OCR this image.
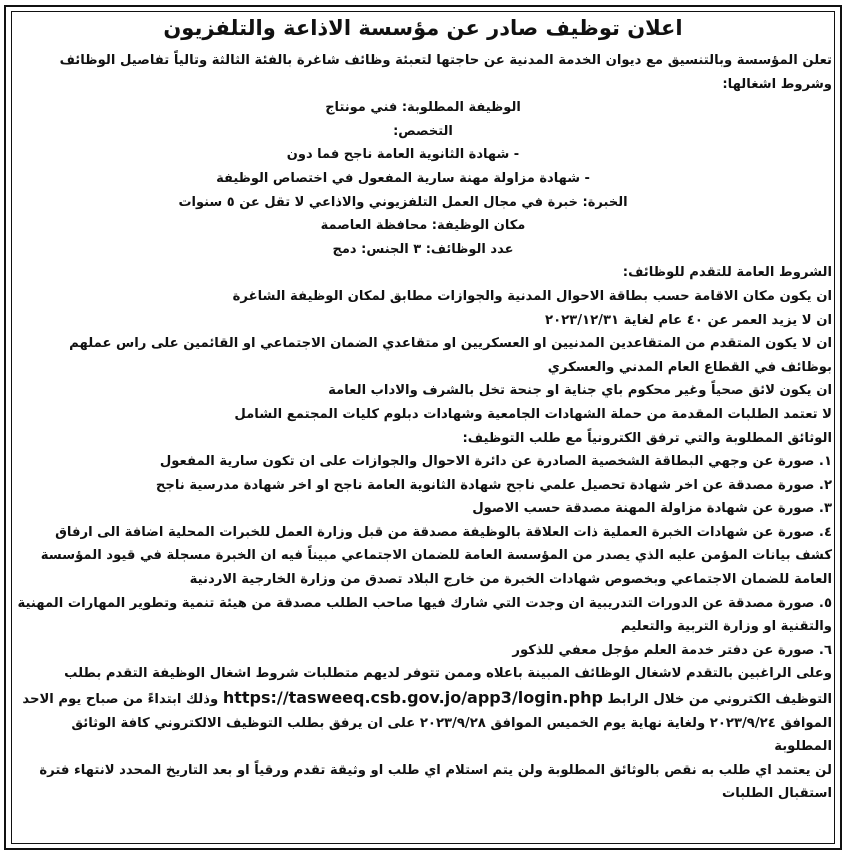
اعلان توظيف صادر عن مؤسسة الاذاعة والتلفزيون

تعلن المؤسسة وبالتنسيق مع ديوان الخدمة المدنية عن حاجتها لتعبئة وظائف شاغرة بالفئة الثالثة وتالياً تفاصيل الوظائف وشروط اشغالها:

الوظيفة المطلوبة: فني مونتاج

التخصص:

- شهادة الثانوية العامة ناجح فما دون

- شهادة مزاولة مهنة سارية المفعول في اختصاص الوظيفة

الخبرة: خبرة في مجال العمل التلفزيوني والاذاعي لا تقل عن ٥ سنوات

مكان الوظيفة: محافظة العاصمة

عدد الوظائف: ٣ الجنس: دمج

الشروط العامة للتقدم للوظائف:

ان يكون مكان الاقامة حسب بطاقة الاحوال المدنية والجوازات مطابق لمكان الوظيفة الشاغرة

ان لا يزيد العمر عن ٤٠ عام لغاية ٢٠٢٣/١٢/٣١

ان لا يكون المتقدم من المتقاعدين المدنيين او العسكريين او متقاعدي الضمان الاجتماعي او القائمين على راس عملهم بوظائف في القطاع العام المدني والعسكري

ان يكون لائق صحياً وغير محكوم باي جناية او جنحة تخل بالشرف والاداب العامة

لا تعتمد الطلبات المقدمة من حملة الشهادات الجامعية وشهادات دبلوم كليات المجتمع الشامل

الوثائق المطلوبة والتي ترفق الكترونياً مع طلب التوظيف:

١. صورة عن وجهي البطاقة الشخصية الصادرة عن دائرة الاحوال والجوازات على ان تكون سارية المفعول

٢. صورة مصدقة عن اخر شهادة تحصيل علمي ناجح شهادة الثانوية العامة ناجح او اخر شهادة مدرسية ناجح

٣. صورة عن شهادة مزاولة المهنة مصدقة حسب الاصول

٤. صورة عن شهادات الخبرة العملية ذات العلاقة بالوظيفة مصدقة من قبل وزارة العمل للخبرات المحلية اضافة الى ارفاق كشف بيانات المؤمن عليه الذي يصدر من المؤسسة العامة للضمان الاجتماعي مبيناً فيه ان الخبرة مسجلة في قيود المؤسسة العامة للضمان الاجتماعي وبخصوص شهادات الخبرة من خارج البلاد تصدق من وزارة الخارجية الاردنية

٥. صورة مصدقة عن الدورات التدريبية ان وجدت التي شارك فيها صاحب الطلب مصدقة من هيئة تنمية وتطوير المهارات المهنية والتقنية او وزارة التربية والتعليم

٦. صورة عن دفتر خدمة العلم مؤجل معفي للذكور

وعلى الراغبين بالتقدم لاشغال الوظائف المبينة باعلاه وممن تتوفر لديهم متطلبات شروط اشغال الوظيفة التقدم بطلب التوظيف الكتروني من خلال الرابط https://tasweeq.csb.gov.jo/app3/login.php وذلك ابتداءً من صباح يوم الاحد الموافق ٢٠٢٣/٩/٢٤ ولغاية نهاية يوم الخميس الموافق ٢٠٢٣/٩/٢٨ على ان يرفق بطلب التوظيف الالكتروني كافة الوثائق المطلوبة

لن يعتمد اي طلب به نقص بالوثائق المطلوبة ولن يتم استلام اي طلب او وثيقة تقدم ورقياً او بعد التاريخ المحدد لانتهاء فترة استقبال الطلبات
